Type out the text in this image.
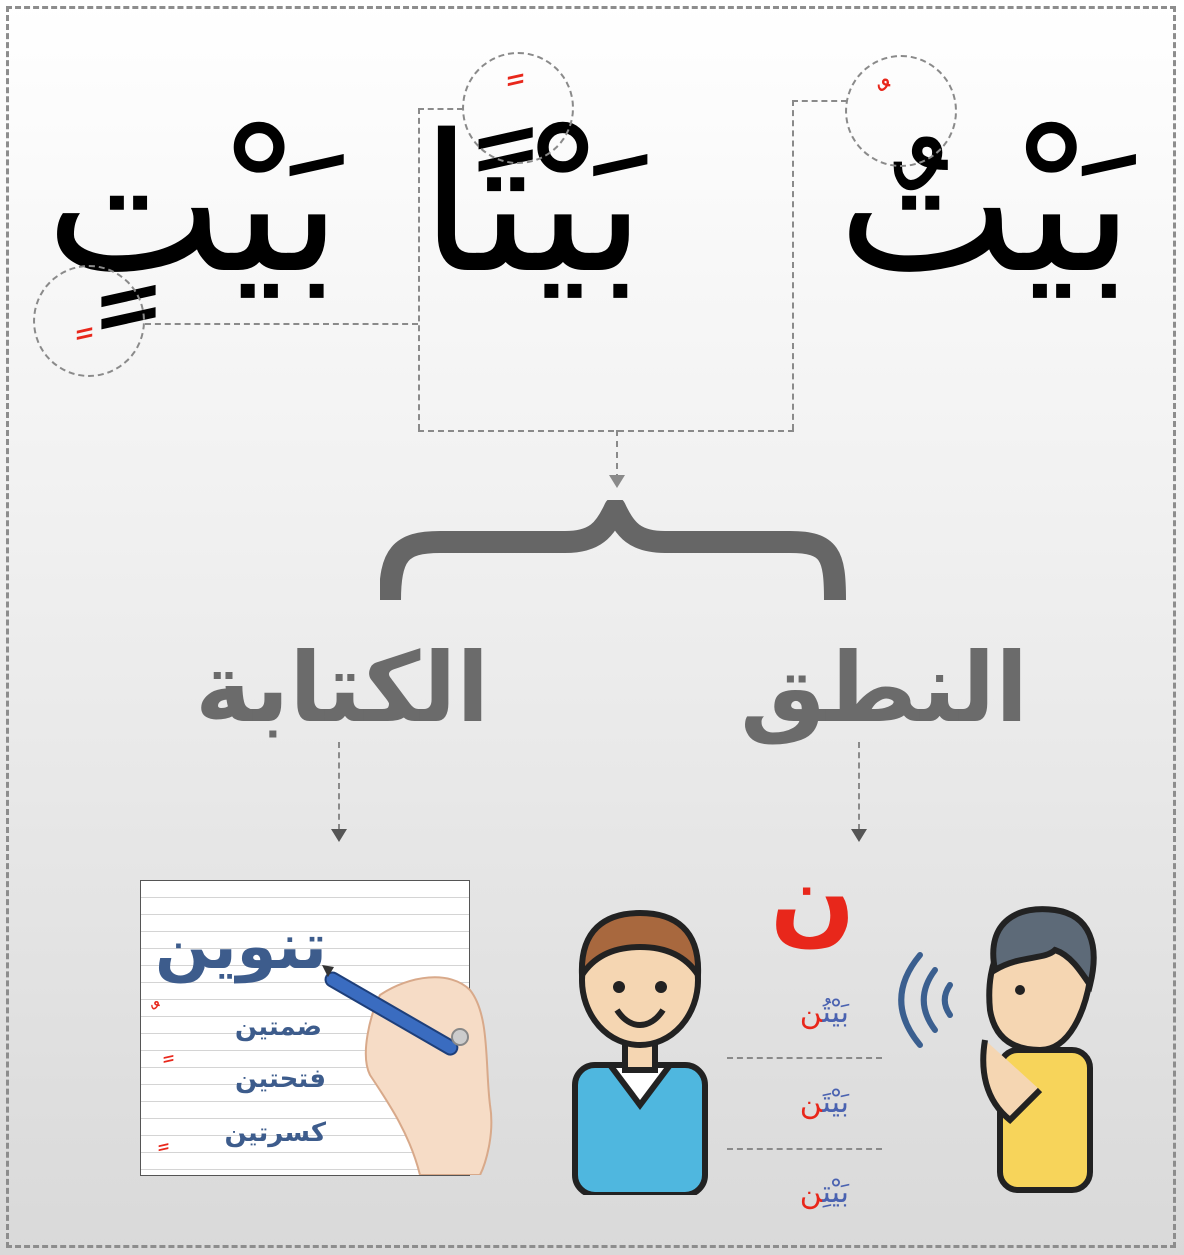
بَيْتٌ
بَيْتًا
بَيْتٍ
النطق
الكتابة
تنوين
ضمتين
فتحتين
كسرتين
ن
بَيْتُن
بَيْتَن
بَيْتِن
